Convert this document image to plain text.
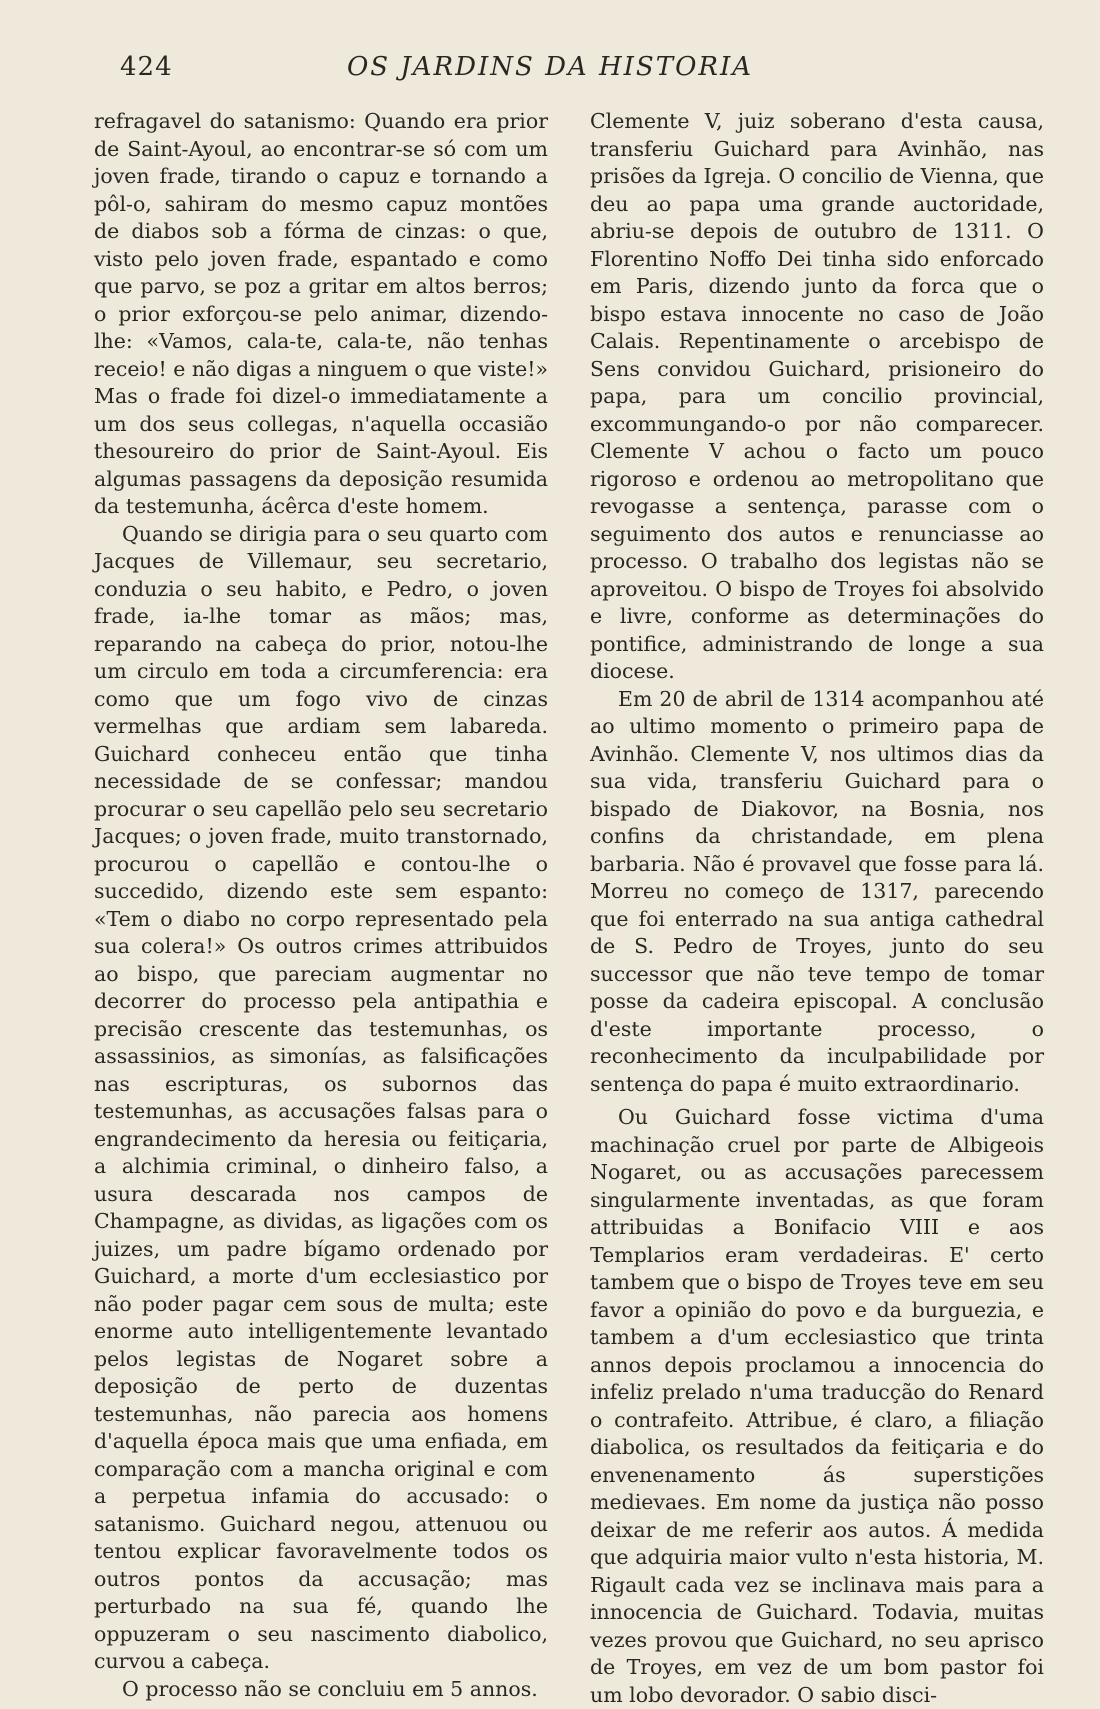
424	OS JARDINS DA HISTORIA

refragavel do satanismo: Quando era prior de Saint-Ayoul, ao encontrar-se só com um joven frade, tirando o capuz e tornando a pôl-o, sahiram do mesmo capuz montões de diabos sob a fórma de cinzas: o que, visto pelo joven frade, espantado e como que parvo, se poz a gritar em altos berros; o prior exforçou-se pelo animar, dizendo-lhe: «Vamos, cala-te, cala-te, não tenhas receio! e não digas a ninguem o que viste!» Mas o frade foi dizel-o immediatamente a um dos seus collegas, n'aquella occasião thesoureiro do prior de Saint-Ayoul. Eis algumas passagens da deposição resumida da testemunha, ácêrca d'este homem.

Quando se dirigia para o seu quarto com Jacques de Villemaur, seu secretario, conduzia o seu habito, e Pedro, o joven frade, ia-lhe tomar as mãos; mas, reparando na cabeça do prior, notou-lhe um circulo em toda a circumferencia: era como que um fogo vivo de cinzas vermelhas que ardiam sem labareda. Guichard conheceu então que tinha necessidade de se confessar; mandou procurar o seu capellão pelo seu secretario Jacques; o joven frade, muito transtornado, procurou o capellão e contou-lhe o succedido, dizendo este sem espanto: «Tem o diabo no corpo representado pela sua colera!» Os outros crimes attribuidos ao bispo, que pareciam augmentar no decorrer do processo pela antipathia e precisão crescente das testemunhas, os assassinios, as simonías, as falsificações nas escripturas, os subornos das testemunhas, as accusações falsas para o engrandecimento da heresia ou feitiçaria, a alchimia criminal, o dinheiro falso, a usura descarada nos campos de Champagne, as dividas, as ligações com os juizes, um padre bígamo ordenado por Guichard, a morte d'um ecclesiastico por não poder pagar cem sous de multa; este enorme auto intelligentemente levantado pelos legistas de Nogaret sobre a deposição de perto de duzentas testemunhas, não parecia aos homens d'aquella época mais que uma enfiada, em comparação com a mancha original e com a perpetua infamia do accusado: o satanismo. Guichard negou, attenuou ou tentou explicar favoravelmente todos os outros pontos da accusação; mas perturbado na sua fé, quando lhe oppuzeram o seu nascimento diabolico, curvou a cabeça.

O processo não se concluiu em 5 annos.

Clemente V, juiz soberano d'esta causa, transferiu Guichard para Avinhão, nas prisões da Igreja. O concilio de Vienna, que deu ao papa uma grande auctoridade, abriu-se depois de outubro de 1311. O Florentino Noffo Dei tinha sido enforcado em Paris, dizendo junto da forca que o bispo estava innocente no caso de João Calais. Repentinamente o arcebispo de Sens convidou Guichard, prisioneiro do papa, para um concilio provincial, excommungando-o por não comparecer. Clemente V achou o facto um pouco rigoroso e ordenou ao metropolitano que revogasse a sentença, parasse com o seguimento dos autos e renunciasse ao processo. O trabalho dos legistas não se aproveitou. O bispo de Troyes foi absolvido e livre, conforme as determinações do pontifice, administrando de longe a sua diocese.

Em 20 de abril de 1314 acompanhou até ao ultimo momento o primeiro papa de Avinhão. Clemente V, nos ultimos dias da sua vida, transferiu Guichard para o bispado de Diakovor, na Bosnia, nos confins da christandade, em plena barbaria. Não é provavel que fosse para lá. Morreu no começo de 1317, parecendo que foi enterrado na sua antiga cathedral de S. Pedro de Troyes, junto do seu successor que não teve tempo de tomar posse da cadeira episcopal. A conclusão d'este importante processo, o reconhecimento da inculpabilidade por sentença do papa é muito extraordinario.

Ou Guichard fosse victima d'uma machinação cruel por parte de Albigeois Nogaret, ou as accusações parecessem singularmente inventadas, as que foram attribuidas a Bonifacio VIII e aos Templarios eram verdadeiras. E' certo tambem que o bispo de Troyes teve em seu favor a opinião do povo e da burguezia, e tambem a d'um ecclesiastico que trinta annos depois proclamou a innocencia do infeliz prelado n'uma traducção do Renard o contrafeito. Attribue, é claro, a filiação diabolica, os resultados da feitiçaria e do envenenamento ás superstições medievaes. Em nome da justiça não posso deixar de me referir aos autos. Á medida que adquiria maior vulto n'esta historia, M. Rigault cada vez se inclinava mais para a innocencia de Guichard. Todavia, muitas vezes provou que Guichard, no seu aprisco de Troyes, em vez de um bom pastor foi um lobo devorador. O sabio disci-
